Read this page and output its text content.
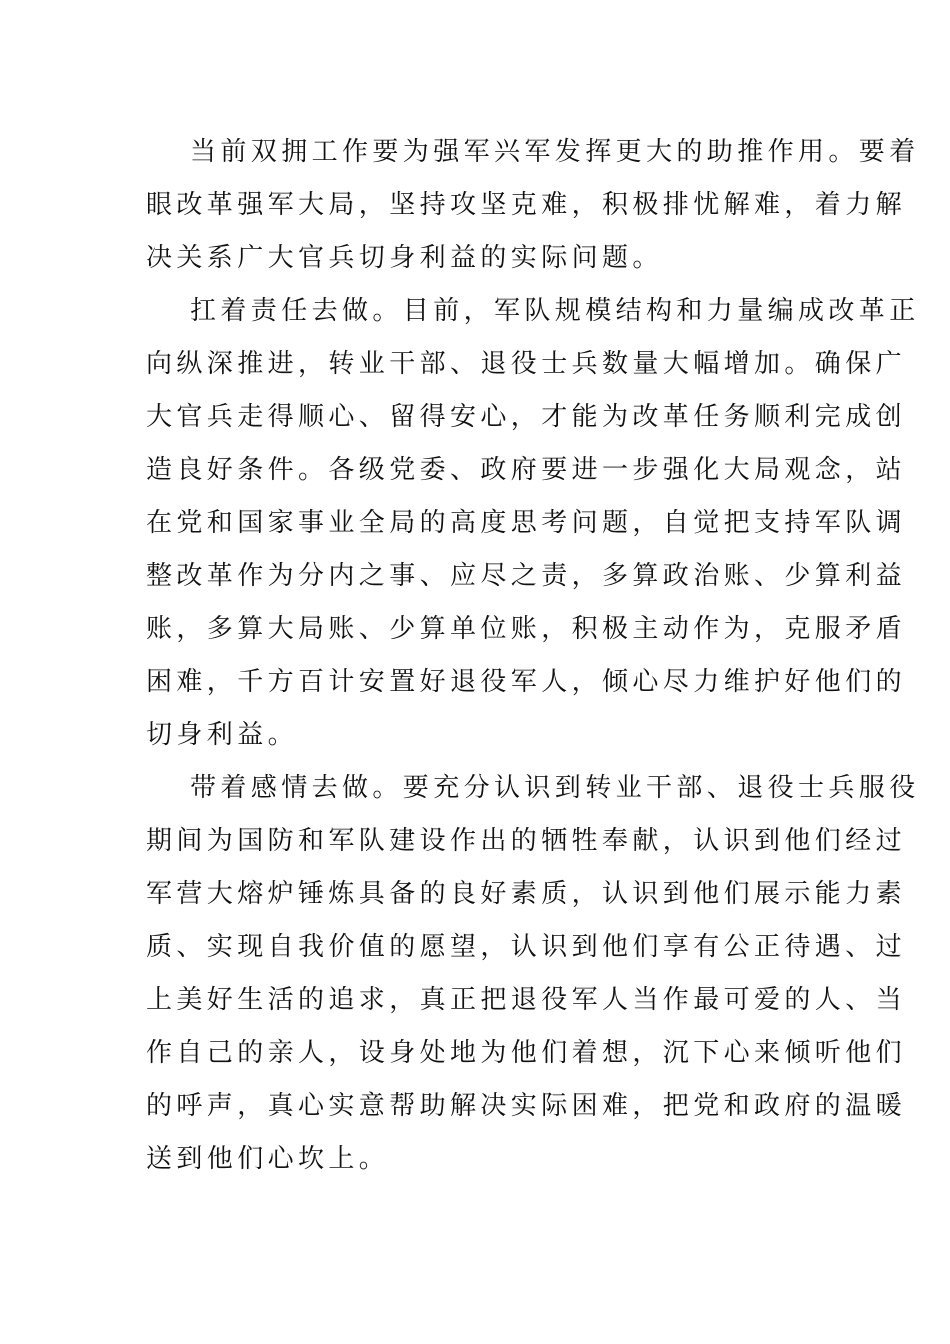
当前双拥工作要为强军兴军发挥更大的助推作用。要着
眼改革强军大局，坚持攻坚克难，积极排忧解难，着力解
决关系广大官兵切身利益的实际问题。
扛着责任去做。目前，军队规模结构和力量编成改革正
向纵深推进，转业干部、退役士兵数量大幅增加。确保广
大官兵走得顺心、留得安心，才能为改革任务顺利完成创
造良好条件。各级党委、政府要进一步强化大局观念，站
在党和国家事业全局的高度思考问题，自觉把支持军队调
整改革作为分内之事、应尽之责，多算政治账、少算利益
账，多算大局账、少算单位账，积极主动作为，克服矛盾
困难，千方百计安置好退役军人，倾心尽力维护好他们的
切身利益。
带着感情去做。要充分认识到转业干部、退役士兵服役
期间为国防和军队建设作出的牺牲奉献，认识到他们经过
军营大熔炉锤炼具备的良好素质，认识到他们展示能力素
质、实现自我价值的愿望，认识到他们享有公正待遇、过
上美好生活的追求，真正把退役军人当作最可爱的人、当
作自己的亲人，设身处地为他们着想，沉下心来倾听他们
的呼声，真心实意帮助解决实际困难，把党和政府的温暖
送到他们心坎上。
